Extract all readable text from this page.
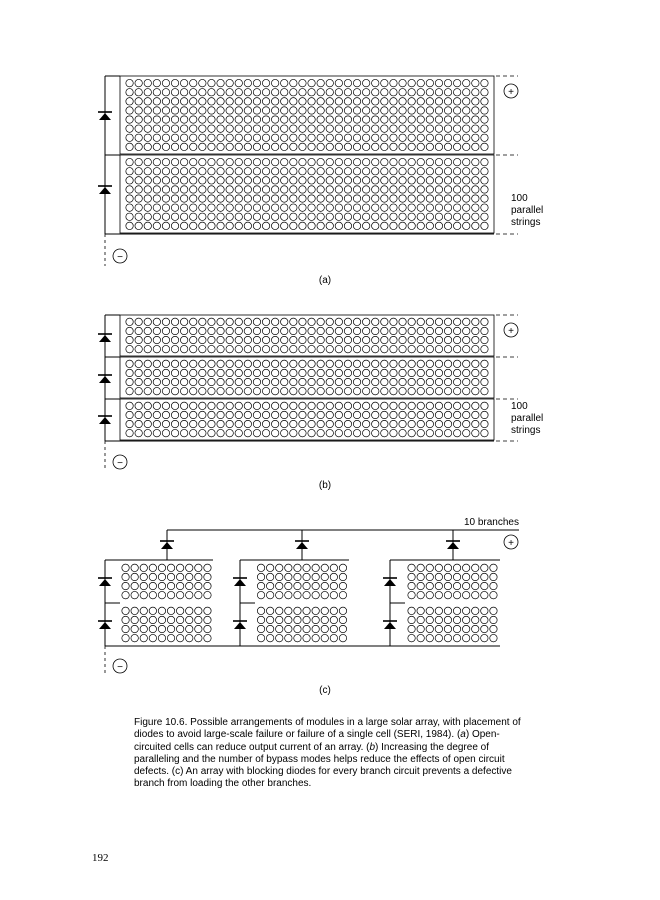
+
−
100
parallel
strings
(a)
+
−
100
parallel
strings
(b)
10 branches
+
−
(c)
Figure 10.6. Possible arrangements of modules in a large solar array, with placement of diodes to avoid large-scale failure or failure of a single cell (SERI, 1984). (a) Open-circuited cells can reduce output current of an array. (b) Increasing the degree of paralleling and the number of bypass modes helps reduce the effects of open circuit defects. (c) An array with blocking diodes for every branch circuit prevents a defective branch from loading the other branches.
192
